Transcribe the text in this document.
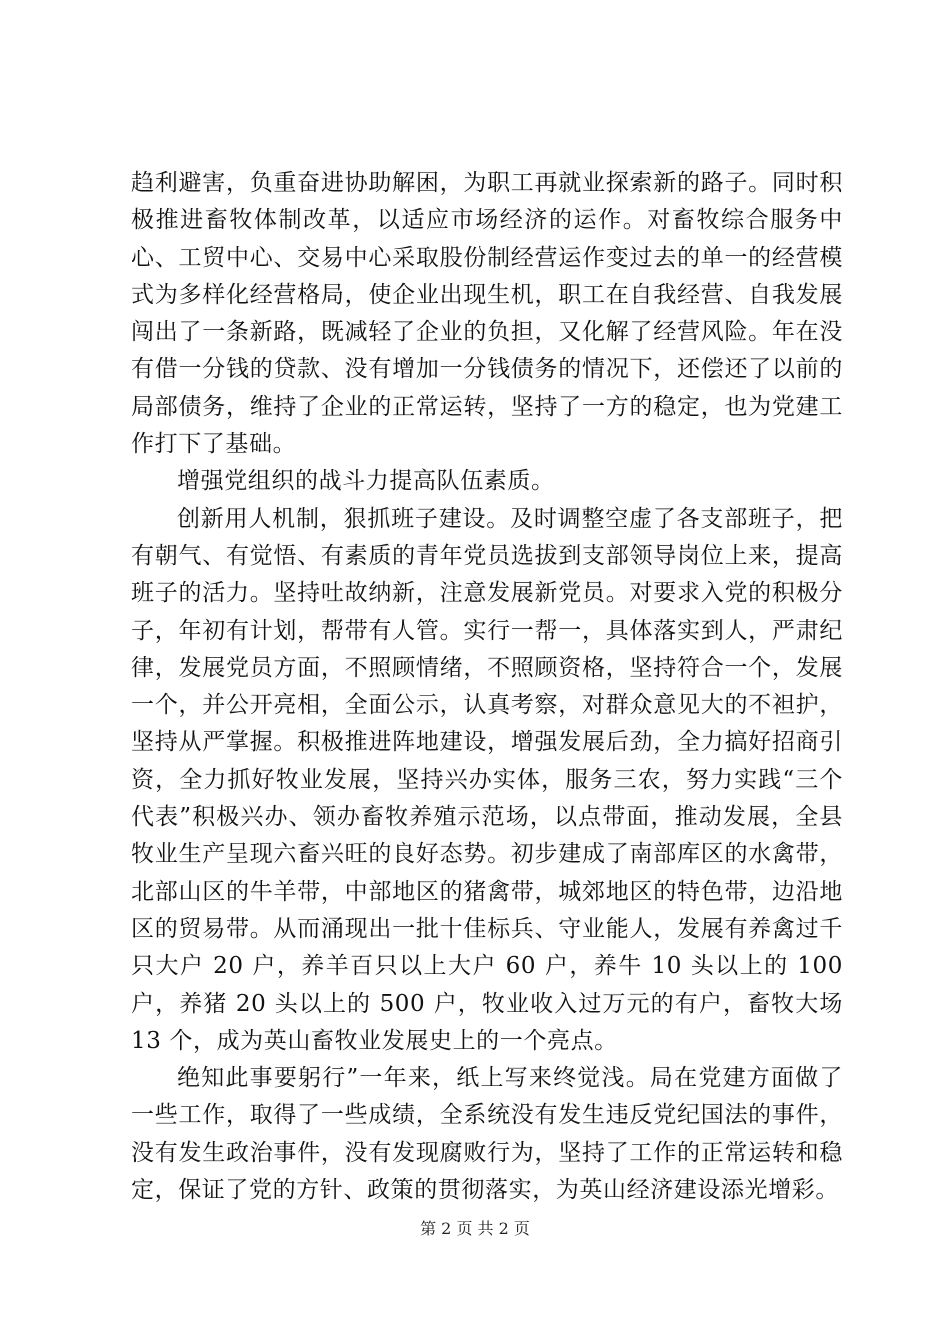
趋利避害，负重奋进协助解困，为职工再就业探索新的路子。同时积极推进畜牧体制改革，以适应市场经济的运作。对畜牧综合服务中心、工贸中心、交易中心采取股份制经营运作变过去的单一的经营模式为多样化经营格局，使企业出现生机，职工在自我经营、自我发展闯出了一条新路，既减轻了企业的负担，又化解了经营风险。年在没有借一分钱的贷款、没有增加一分钱债务的情况下，还偿还了以前的局部债务，维持了企业的正常运转，坚持了一方的稳定，也为党建工作打下了基础。

增强党组织的战斗力提高队伍素质。

创新用人机制，狠抓班子建设。及时调整空虚了各支部班子，把有朝气、有觉悟、有素质的青年党员选拔到支部领导岗位上来，提高班子的活力。坚持吐故纳新，注意发展新党员。对要求入党的积极分子，年初有计划，帮带有人管。实行一帮一，具体落实到人，严肃纪律，发展党员方面，不照顾情绪，不照顾资格，坚持符合一个，发展一个，并公开亮相，全面公示，认真考察，对群众意见大的不袒护，坚持从严掌握。积极推进阵地建设，增强发展后劲，全力搞好招商引资，全力抓好牧业发展，坚持兴办实体，服务三农，努力实践“三个代表”积极兴办、领办畜牧养殖示范场，以点带面，推动发展，全县牧业生产呈现六畜兴旺的良好态势。初步建成了南部库区的水禽带，北部山区的牛羊带，中部地区的猪禽带，城郊地区的特色带，边沿地区的贸易带。从而涌现出一批十佳标兵、守业能人，发展有养禽过千只大户 20 户，养羊百只以上大户 60 户，养牛 10 头以上的 100 户，养猪 20 头以上的 500 户，牧业收入过万元的有户，畜牧大场 13 个，成为英山畜牧业发展史上的一个亮点。

绝知此事要躬行”一年来，纸上写来终觉浅。局在党建方面做了一些工作，取得了一些成绩，全系统没有发生违反党纪国法的事件，没有发生政治事件，没有发现腐败行为，坚持了工作的正常运转和稳定，保证了党的方针、政策的贯彻落实，为英山经济建设添光增彩。

第 2 页 共 2 页
